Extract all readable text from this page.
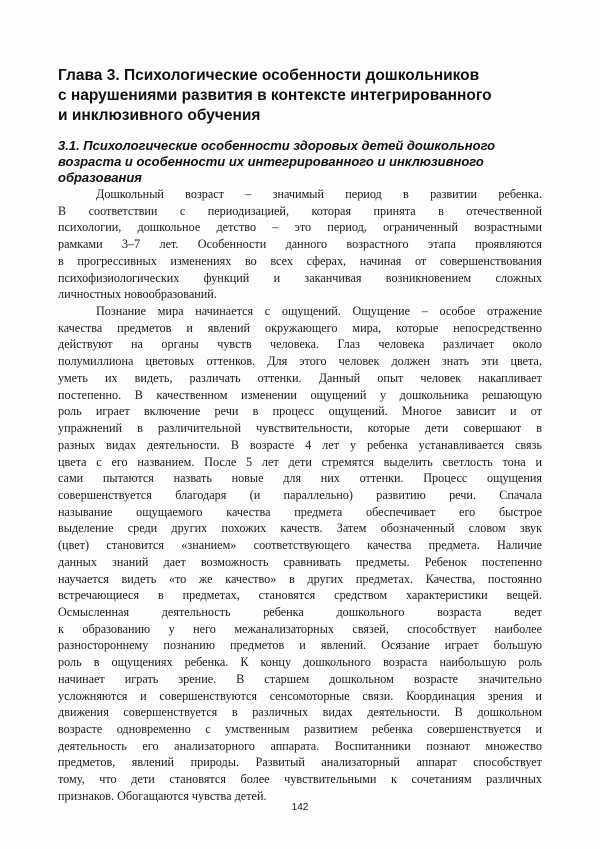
Глава 3. Психологические особенности дошкольников
с нарушениями развития в контексте интегрированного
и инклюзивного обучения
3.1. Психологические особенности здоровых детей дошкольного
возраста и особенности их интегрированного и инклюзивного
образования
Дошкольный возраст – значимый период в развитии ребенка.
В соответствии с периодизацией, которая принята в отечественной
психологии, дошкольное детство – это период, ограниченный возрастными
рамками 3–7 лет. Особенности данного возрастного этапа проявляются
в прогрессивных изменениях во всех сферах, начиная от совершенствования
психофизиологических функций и заканчивая возникновением сложных
личностных новообразований.
Познание мира начинается с ощущений. Ощущение – особое отражение
качества предметов и явлений окружающего мира, которые непосредственно
действуют на органы чувств человека. Глаз человека различает около
полумиллиона цветовых оттенков. Для этого человек должен знать эти цвета,
уметь их видеть, различать оттенки. Данный опыт человек накапливает
постепенно. В качественном изменении ощущений у дошкольника решающую
роль играет включение речи в процесс ощущений. Многое зависит и от
упражнений в различительной чувствительности, которые дети совершают в
разных видах деятельности. В возрасте 4 лет у ребенка устанавливается связь
цвета с его названием. После 5 лет дети стремятся выделить светлость тона и
сами пытаются назвать новые для них оттенки. Процесс ощущения
совершенствуется благодаря (и параллельно) развитию речи. Спачала
называние ощущаемого качества предмета обеспечивает его быстрое
выделение среди других похожих качеств. Затем обозначенный словом звук
(цвет) становится «знанием» соответствующего качества предмета. Наличие
данных знаний дает возможность сравнивать предметы. Ребенок постепенно
научается видеть «то же качество» в других предметах. Качества, постоянно
встречающиеся в предметах, становятся средством характеристики вещей.
Осмысленная деятельность ребенка дошкольного возраста ведет
к образованию у него межанализаторных связей, способствует наиболее
разностороннему познанию предметов и явлений. Осязание играет большую
роль в ощущениях ребенка. К концу дошкольного возраста наибольшую роль
начинает играть зрение. В старшем дошкольном возрасте значительно
усложняются и совершенствуются сенсомоторные связи. Координация зрения и
движения совершенствуется в различных видах деятельности. В дошкольном
возрасте одновременно с умственным развитием ребенка совершенствуется и
деятельность его анализаторного аппарата. Воспитанники познают множество
предметов, явлений природы. Развитый анализаторный аппарат способствует
тому, что дети становятся более чувствительными к сочетаниям различных
признаков. Обогащаются чувства детей.
142
